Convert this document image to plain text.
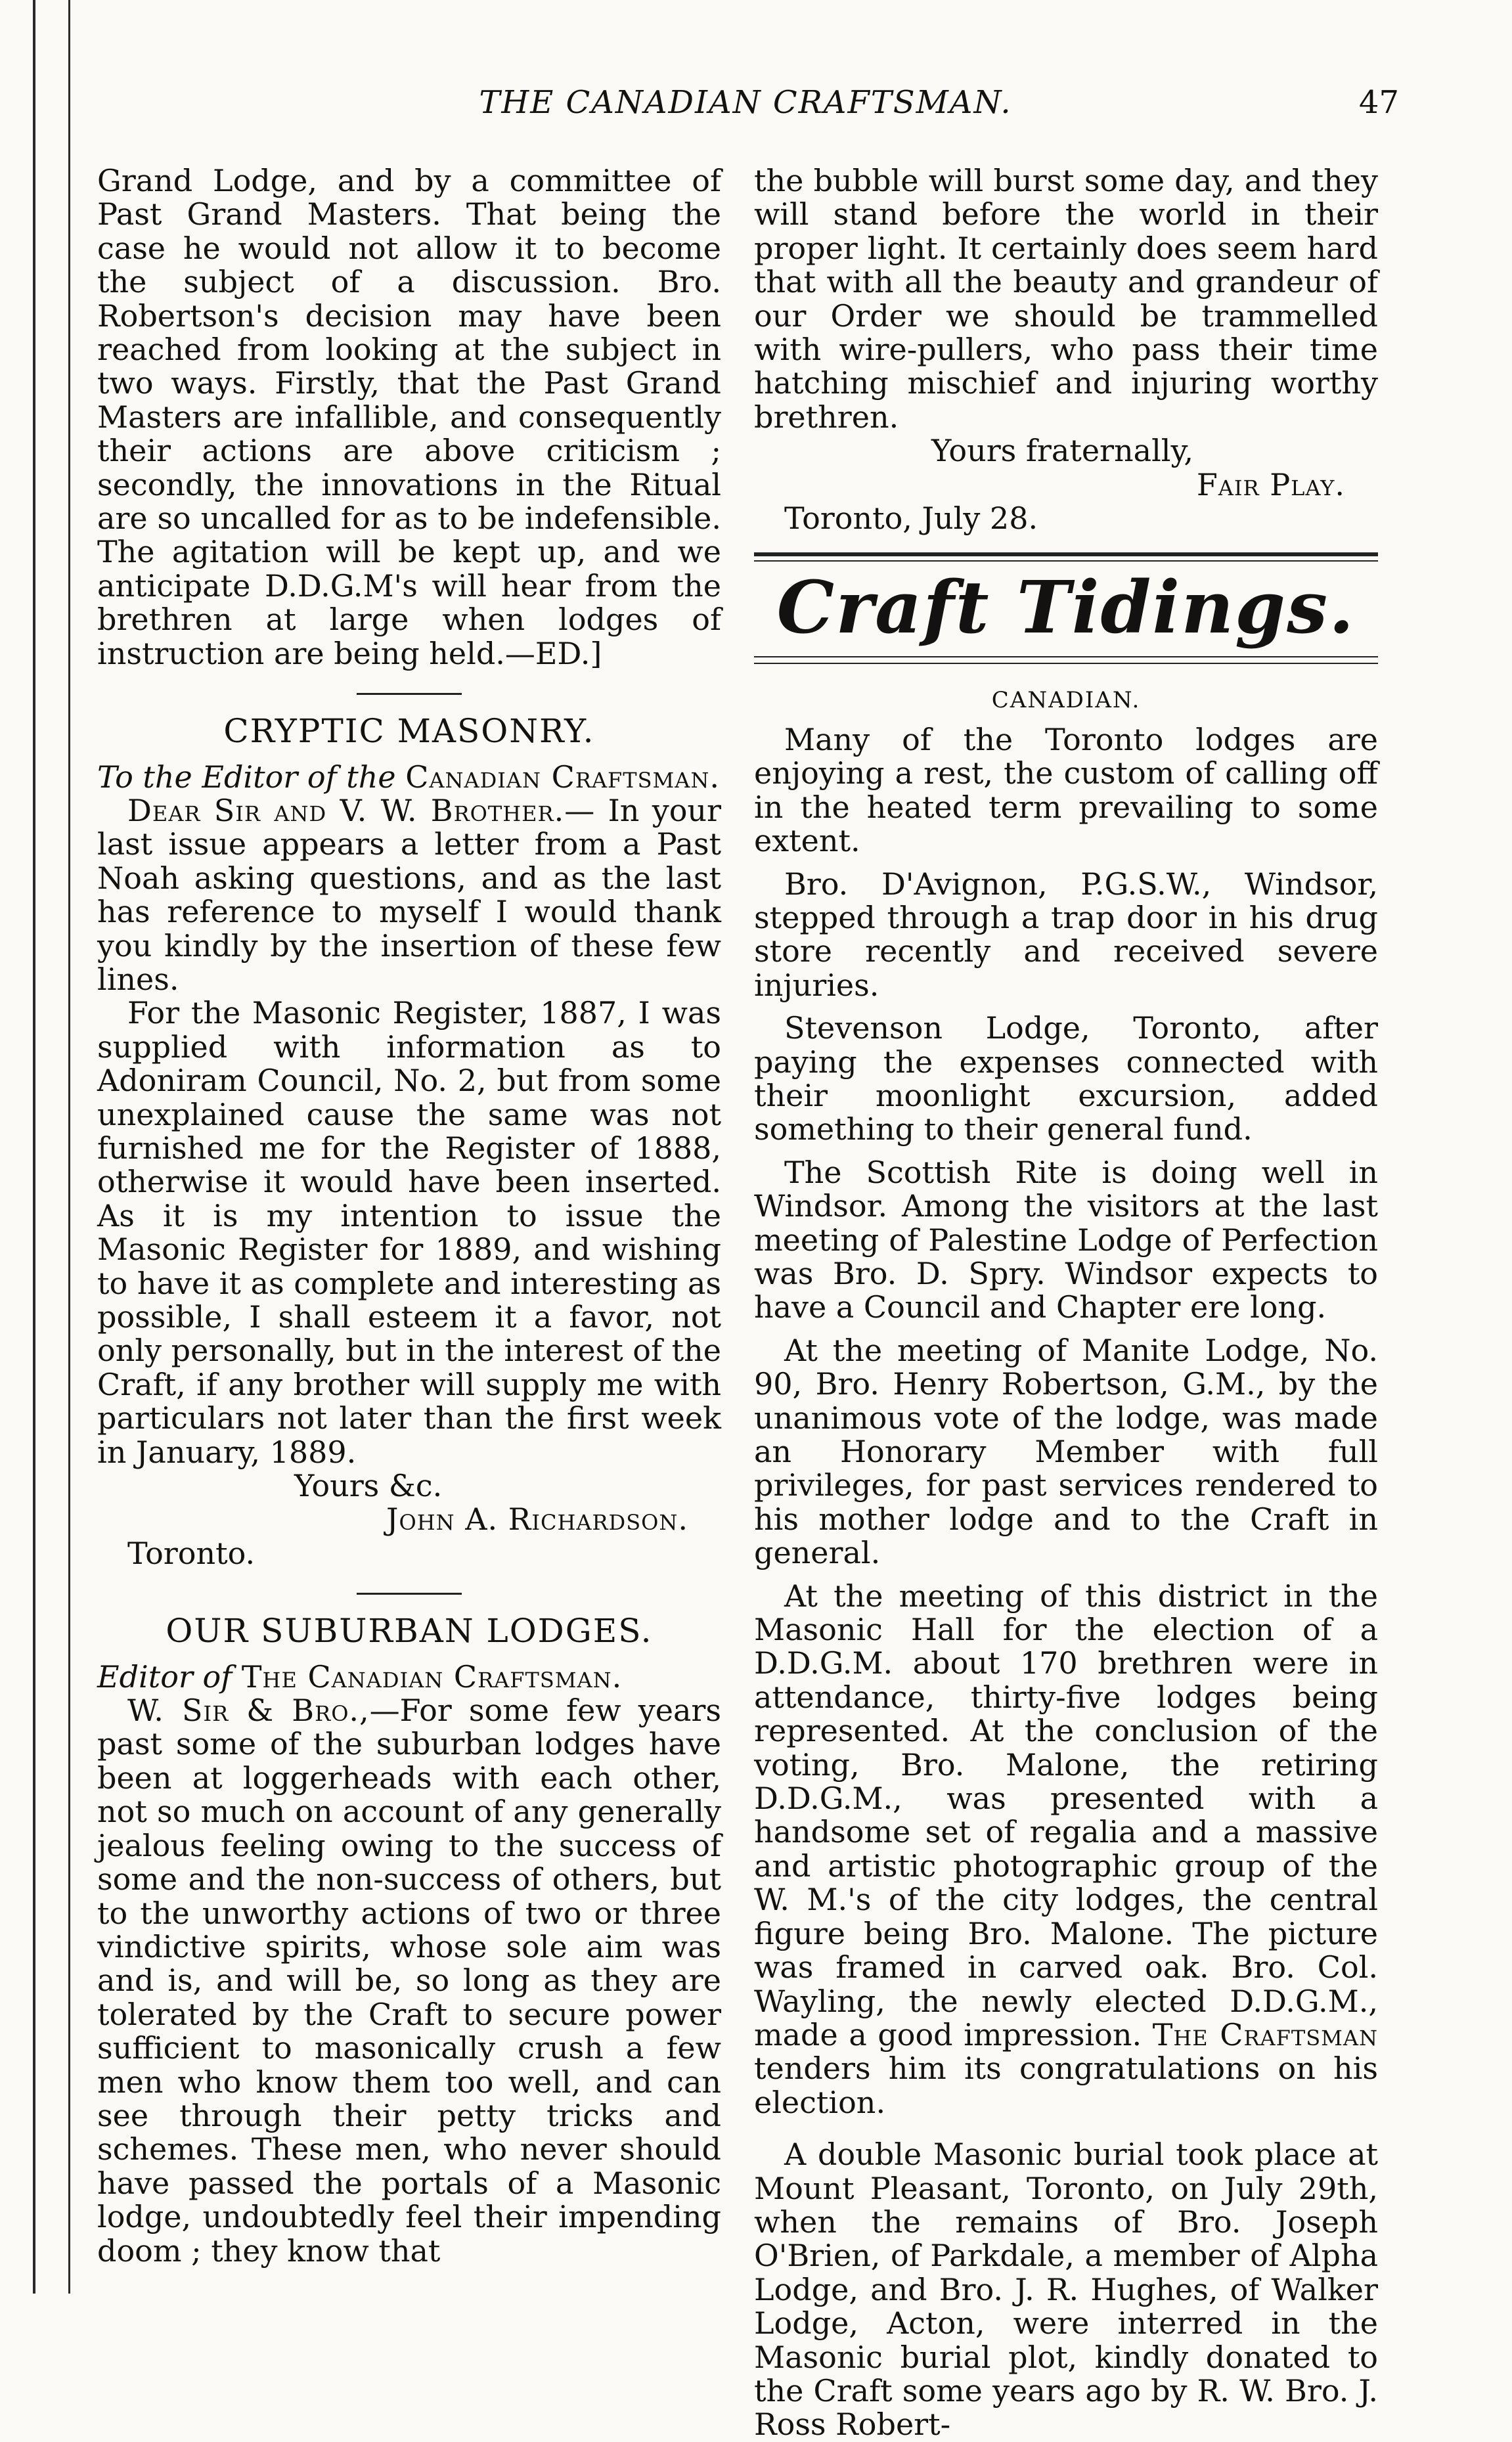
THE CANADIAN CRAFTSMAN.	47

Grand Lodge, and by a committee of Past Grand Masters. That being the case he would not allow it to become the subject of a discussion. Bro. Robertson's decision may have been reached from looking at the subject in two ways. Firstly, that the Past Grand Masters are infallible, and consequently their actions are above criticism ; secondly, the innovations in the Ritual are so uncalled for as to be indefensible. The agitation will be kept up, and we anticipate D.D.G.M's will hear from the brethren at large when lodges of instruction are being held.—ED.]

CRYPTIC MASONRY.

To the Editor of the Canadian Craftsman.

Dear Sir and V. W. Brother.— In your last issue appears a letter from a Past Noah asking questions, and as the last has reference to myself I would thank you kindly by the insertion of these few lines.

For the Masonic Register, 1887, I was supplied with information as to Adoniram Council, No. 2, but from some unexplained cause the same was not furnished me for the Register of 1888, otherwise it would have been inserted. As it is my intention to issue the Masonic Register for 1889, and wishing to have it as complete and interesting as possible, I shall esteem it a favor, not only personally, but in the interest of the Craft, if any brother will supply me with particulars not later than the first week in January, 1889.

Yours &c.

John A. Richardson.

Toronto.

OUR SUBURBAN LODGES.

Editor of The Canadian Craftsman.

W. Sir & Bro.,—For some few years past some of the suburban lodges have been at loggerheads with each other, not so much on account of any generally jealous feeling owing to the success of some and the non-success of others, but to the unworthy actions of two or three vindictive spirits, whose sole aim was and is, and will be, so long as they are tolerated by the Craft to secure power sufficient to masonically crush a few men who know them too well, and can see through their petty tricks and schemes. These men, who never should have passed the portals of a Masonic lodge, undoubtedly feel their impending doom ; they know that

the bubble will burst some day, and they will stand before the world in their proper light. It certainly does seem hard that with all the beauty and grandeur of our Order we should be trammelled with wire-pullers, who pass their time hatching mischief and injuring worthy brethren.

Yours fraternally,

Fair Play.

Toronto, July 28.

Craft Tidings.

CANADIAN.

Many of the Toronto lodges are enjoying a rest, the custom of calling off in the heated term prevailing to some extent.

Bro. D'Avignon, P.G.S.W., Windsor, stepped through a trap door in his drug store recently and received severe injuries.

Stevenson Lodge, Toronto, after paying the expenses connected with their moonlight excursion, added something to their general fund.

The Scottish Rite is doing well in Windsor. Among the visitors at the last meeting of Palestine Lodge of Perfection was Bro. D. Spry. Windsor expects to have a Council and Chapter ere long.

At the meeting of Manite Lodge, No. 90, Bro. Henry Robertson, G.M., by the unanimous vote of the lodge, was made an Honorary Member with full privileges, for past services rendered to his mother lodge and to the Craft in general.

At the meeting of this district in the Masonic Hall for the election of a D.D.G.M. about 170 brethren were in attendance, thirty-five lodges being represented. At the conclusion of the voting, Bro. Malone, the retiring D.D.G.M., was presented with a handsome set of regalia and a massive and artistic photographic group of the W. M.'s of the city lodges, the central figure being Bro. Malone. The picture was framed in carved oak. Bro. Col. Wayling, the newly elected D.D.G.M., made a good impression. The Craftsman tenders him its congratulations on his election.

A double Masonic burial took place at Mount Pleasant, Toronto, on July 29th, when the remains of Bro. Joseph O'Brien, of Parkdale, a member of Alpha Lodge, and Bro. J. R. Hughes, of Walker Lodge, Acton, were interred in the Masonic burial plot, kindly donated to the Craft some years ago by R. W. Bro. J. Ross Robert-
